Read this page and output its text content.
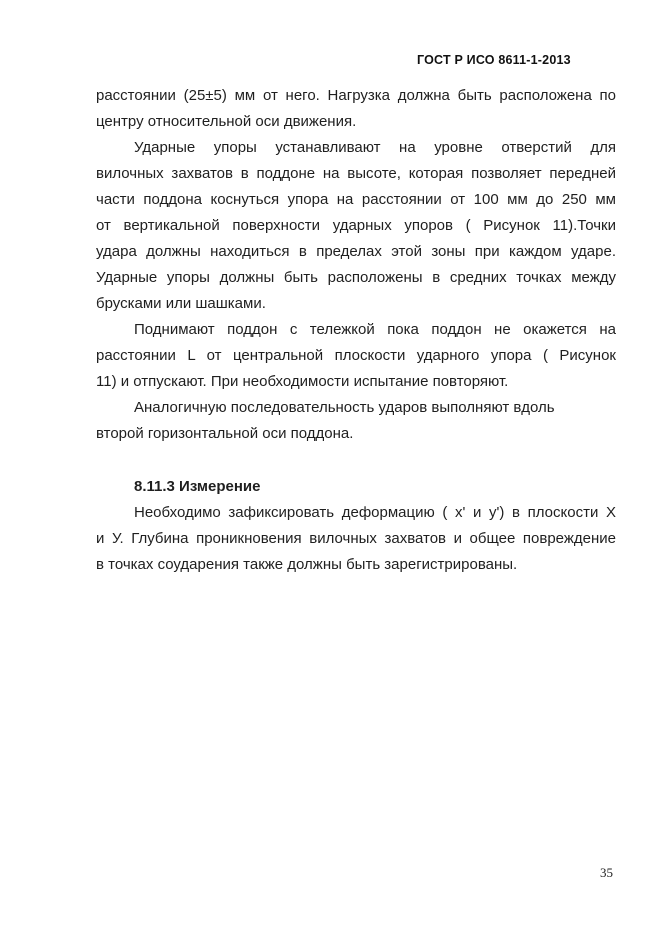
ГОСТ Р ИСО 8611-1-2013
расстоянии (25±5) мм от него. Нагрузка должна быть расположена по
центру относительной оси движения.
Ударные упоры устанавливают на уровне отверстий для
вилочных захватов в поддоне на высоте, которая позволяет передней
части поддона коснуться упора на расстоянии от 100 мм до 250 мм
от вертикальной поверхности ударных упоров ( Рисунок 11).Точки
удара должны находиться в пределах этой зоны при каждом ударе.
Ударные упоры должны быть расположены в средних точках между
брусками или шашками.
Поднимают поддон с тележкой пока поддон не окажется на
расстоянии L от центральной плоскости ударного упора ( Рисунок
11) и отпускают. При необходимости испытание повторяют.
Аналогичную последовательность ударов выполняют вдоль
второй горизонтальной оси поддона.
8.11.3 Измерение
Необходимо зафиксировать деформацию ( х' и у') в плоскости Х
и У. Глубина проникновения вилочных захватов и общее повреждение
в точках соударения также должны быть зарегистрированы.
35
